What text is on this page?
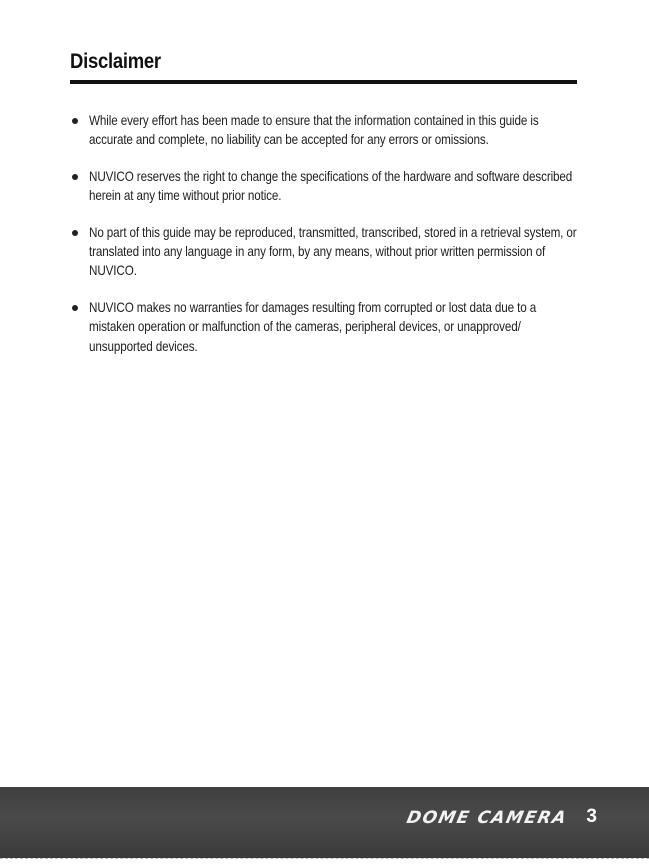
Disclaimer
While every effort has been made to ensure that the information contained in this guide is accurate and complete, no liability can be accepted for any errors or omissions.
NUVICO reserves the right to change the specifications of the hardware and software described herein at any time without prior notice.
No part of this guide may be reproduced, transmitted, transcribed, stored in a retrieval system, or translated into any language in any form, by any means, without prior written permission of NUVICO.
NUVICO makes no warranties for damages resulting from corrupted or lost data due to a mistaken operation or malfunction of the cameras, peripheral devices, or unapproved/ unsupported devices.
DOME CAMERA 3
